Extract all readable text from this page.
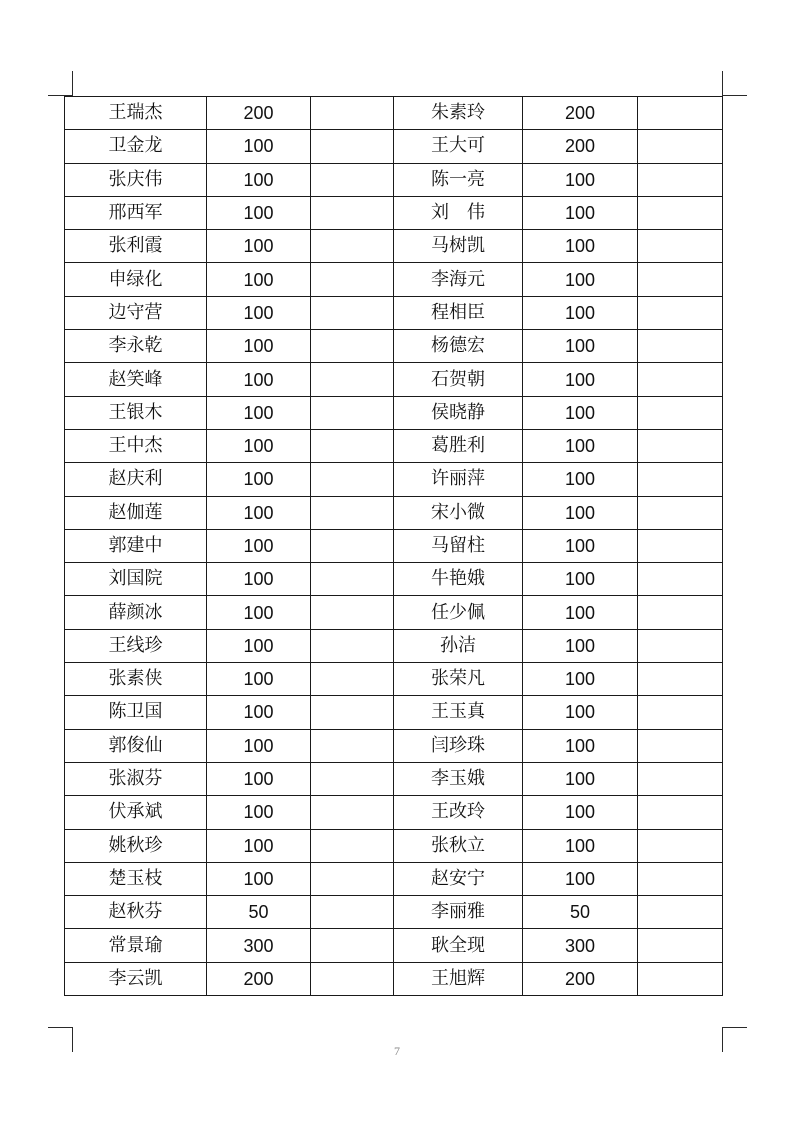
王瑞杰	200		朱素玲	200	
卫金龙	100		王大可	200	
张庆伟	100		陈一亮	100	
邢西军	100		刘　伟	100	
张利霞	100		马树凯	100	
申绿化	100		李海元	100	
边守营	100		程相臣	100	
李永乾	100		杨德宏	100	
赵笑峰	100		石贺朝	100	
王银木	100		侯晓静	100	
王中杰	100		葛胜利	100	
赵庆利	100		许丽萍	100	
赵伽莲	100		宋小微	100	
郭建中	100		马留柱	100	
刘国院	100		牛艳娥	100	
薛颜冰	100		任少佩	100	
王线珍	100		孙洁	100	
张素侠	100		张荣凡	100	
陈卫国	100		王玉真	100	
郭俊仙	100		闫珍珠	100	
张淑芬	100		李玉娥	100	
伏承斌	100		王改玲	100	
姚秋珍	100		张秋立	100	
楚玉枝	100		赵安宁	100	
赵秋芬	50		李丽雅	50	
常景瑜	300		耿全现	300	
李云凯	200		王旭辉	200	
7
